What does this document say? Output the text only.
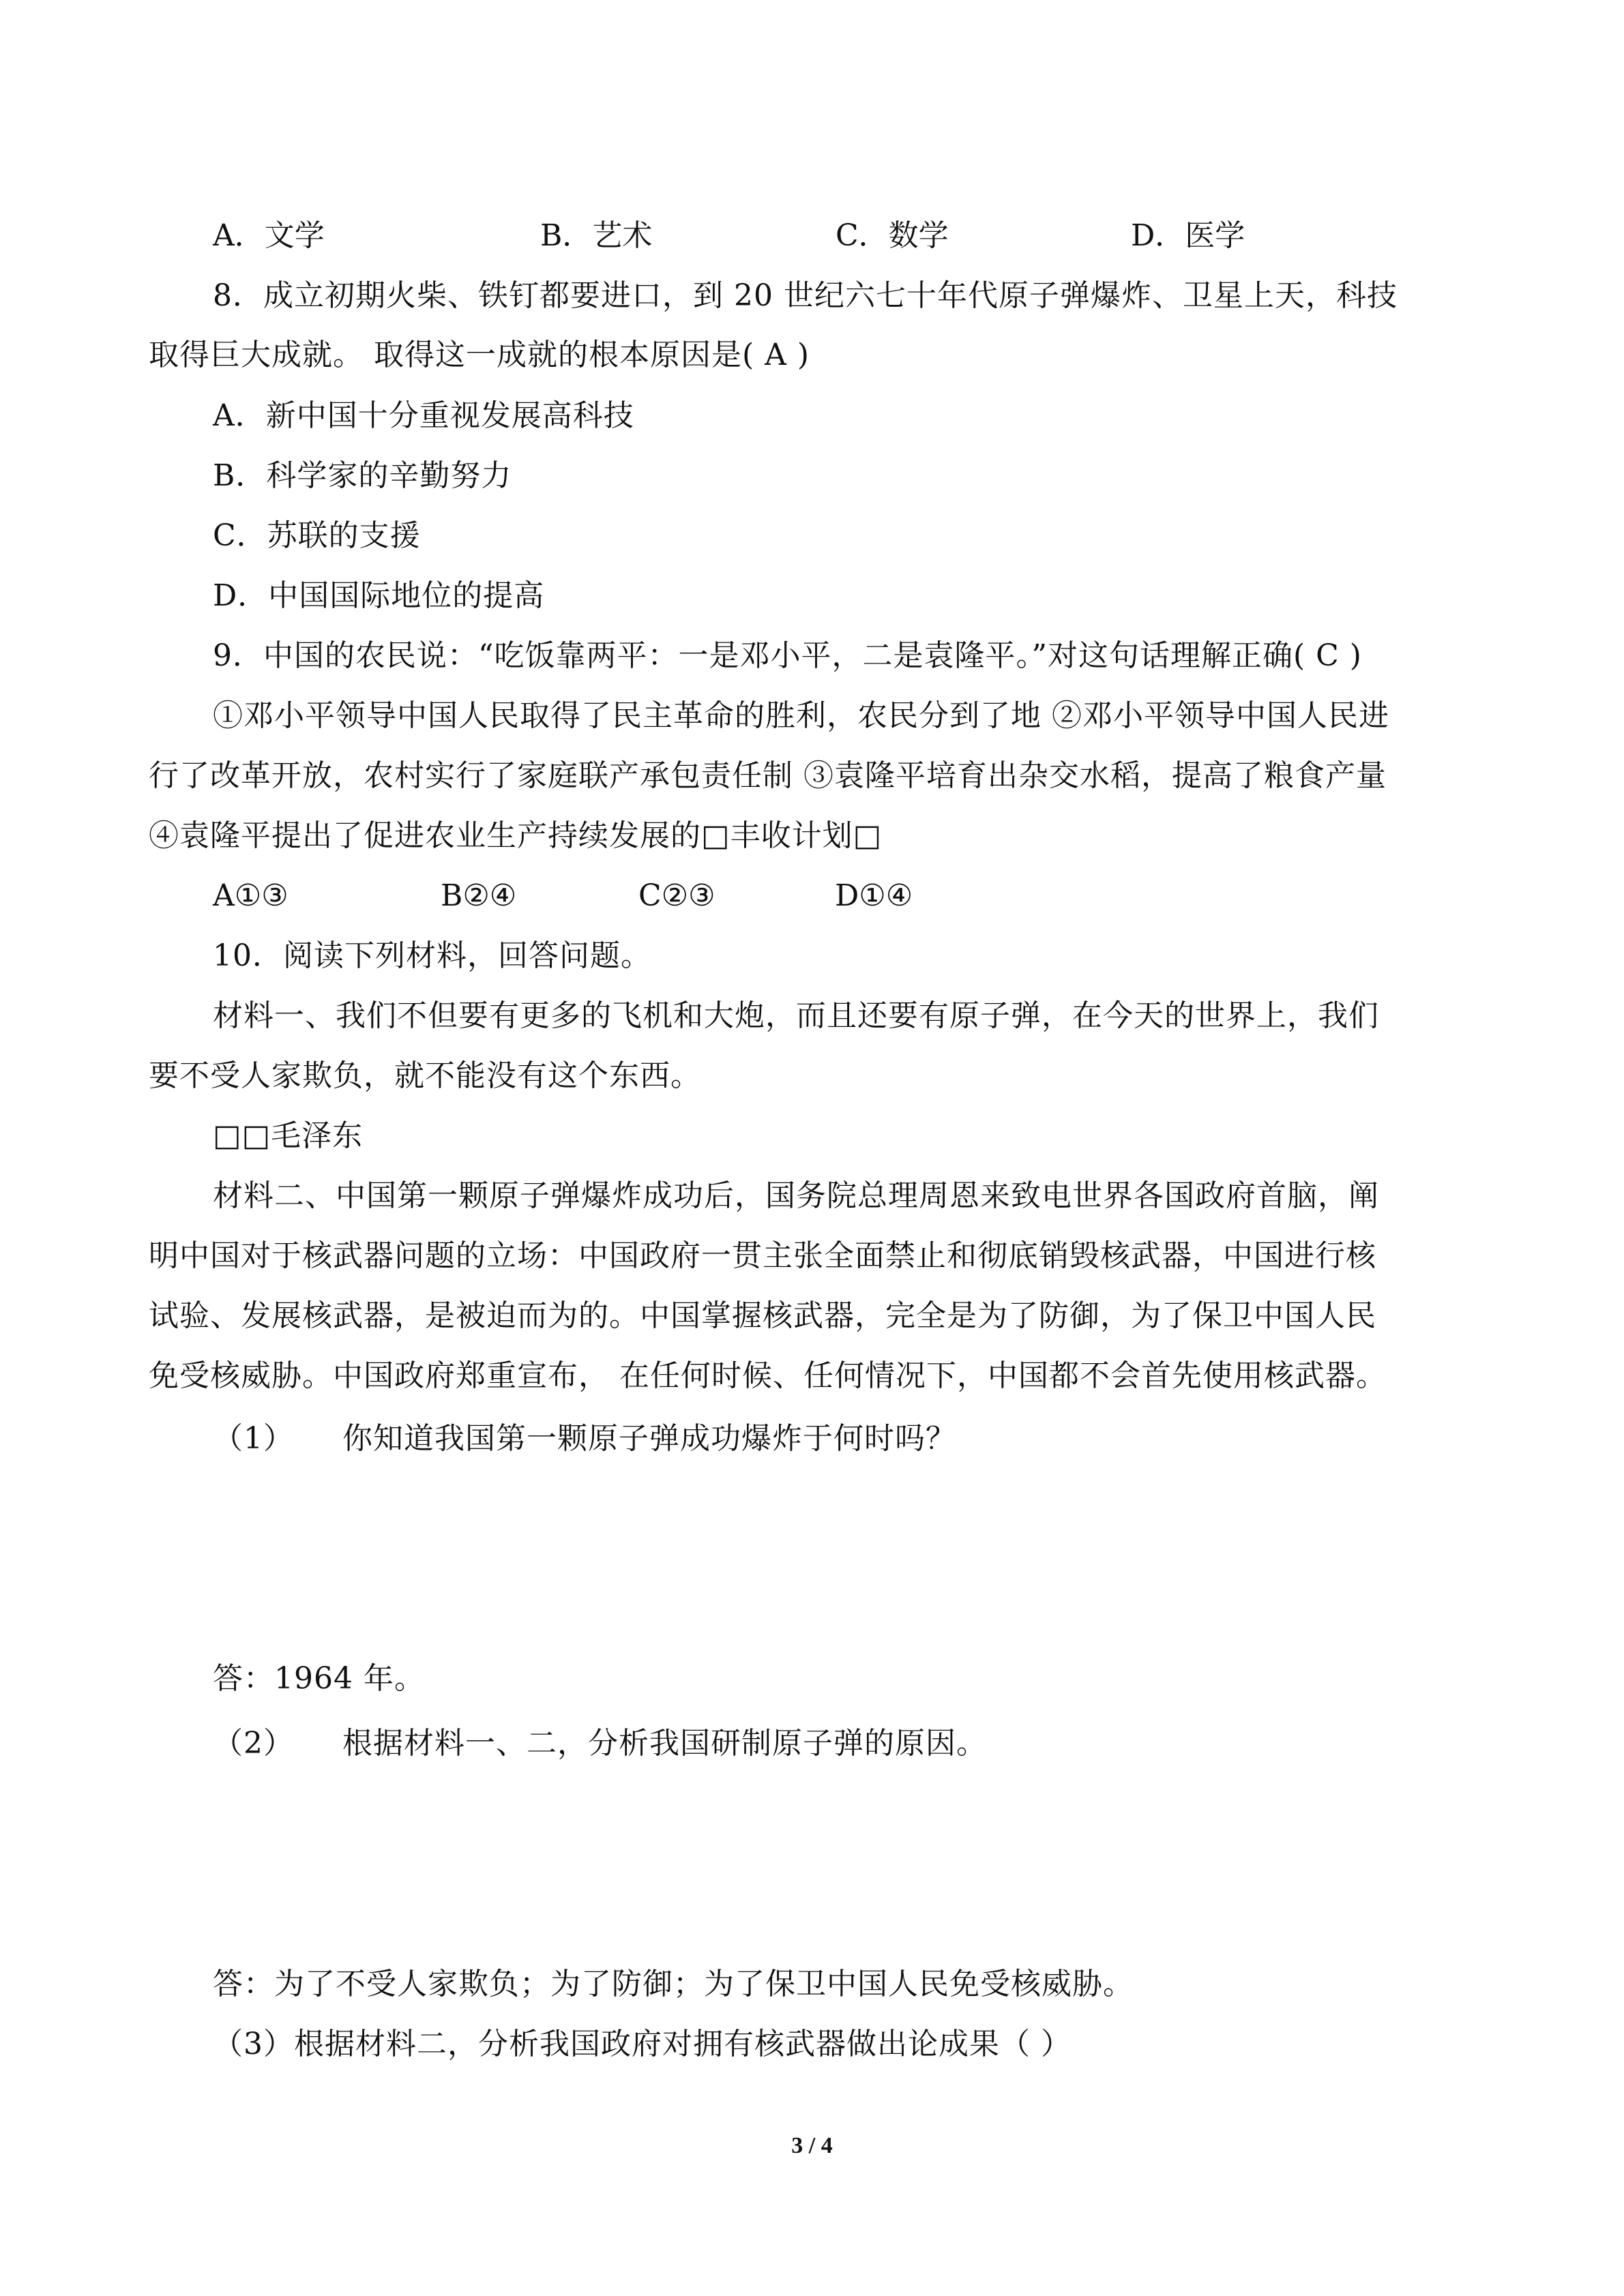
A．文学	B．艺术	C．数学	D．医学
8．成立初期火柴、铁钉都要进口，到 20 世纪六七十年代原子弹爆炸、卫星上天，科技
取得巨大成就。 取得这一成就的根本原因是( A )
A．新中国十分重视发展高科技
B．科学家的辛勤努力
C．苏联的支援
D．中国国际地位的提高
9．中国的农民说：“吃饭靠两平：一是邓小平，二是袁隆平。”对这句话理解正确( C )
①邓小平领导中国人民取得了民主革命的胜利，农民分到了地 ②邓小平领导中国人民进
行了改革开放，农村实行了家庭联产承包责任制 ③袁隆平培育出杂交水稻，提高了粮食产量
④袁隆平提出了促进农业生产持续发展的□丰收计划□
A①③	B②④	C②③	D①④
10．阅读下列材料，回答问题。
材料一、我们不但要有更多的飞机和大炮，而且还要有原子弹，在今天的世界上，我们
要不受人家欺负，就不能没有这个东西。
□□毛泽东
材料二、中国第一颗原子弹爆炸成功后，国务院总理周恩来致电世界各国政府首脑，阐
明中国对于核武器问题的立场：中国政府一贯主张全面禁止和彻底销毁核武器，中国进行核
试验、发展核武器，是被迫而为的。中国掌握核武器，完全是为了防御，为了保卫中国人民
免受核威胁。中国政府郑重宣布， 在任何时候、任何情况下，中国都不会首先使用核武器。
（1） 你知道我国第一颗原子弹成功爆炸于何时吗？
答：1964 年。
（2） 根据材料一、二，分析我国研制原子弹的原因。
答：为了不受人家欺负；为了防御；为了保卫中国人民免受核威胁。
（3）根据材料二，分析我国政府对拥有核武器做出论成果（ ）
3 / 4
